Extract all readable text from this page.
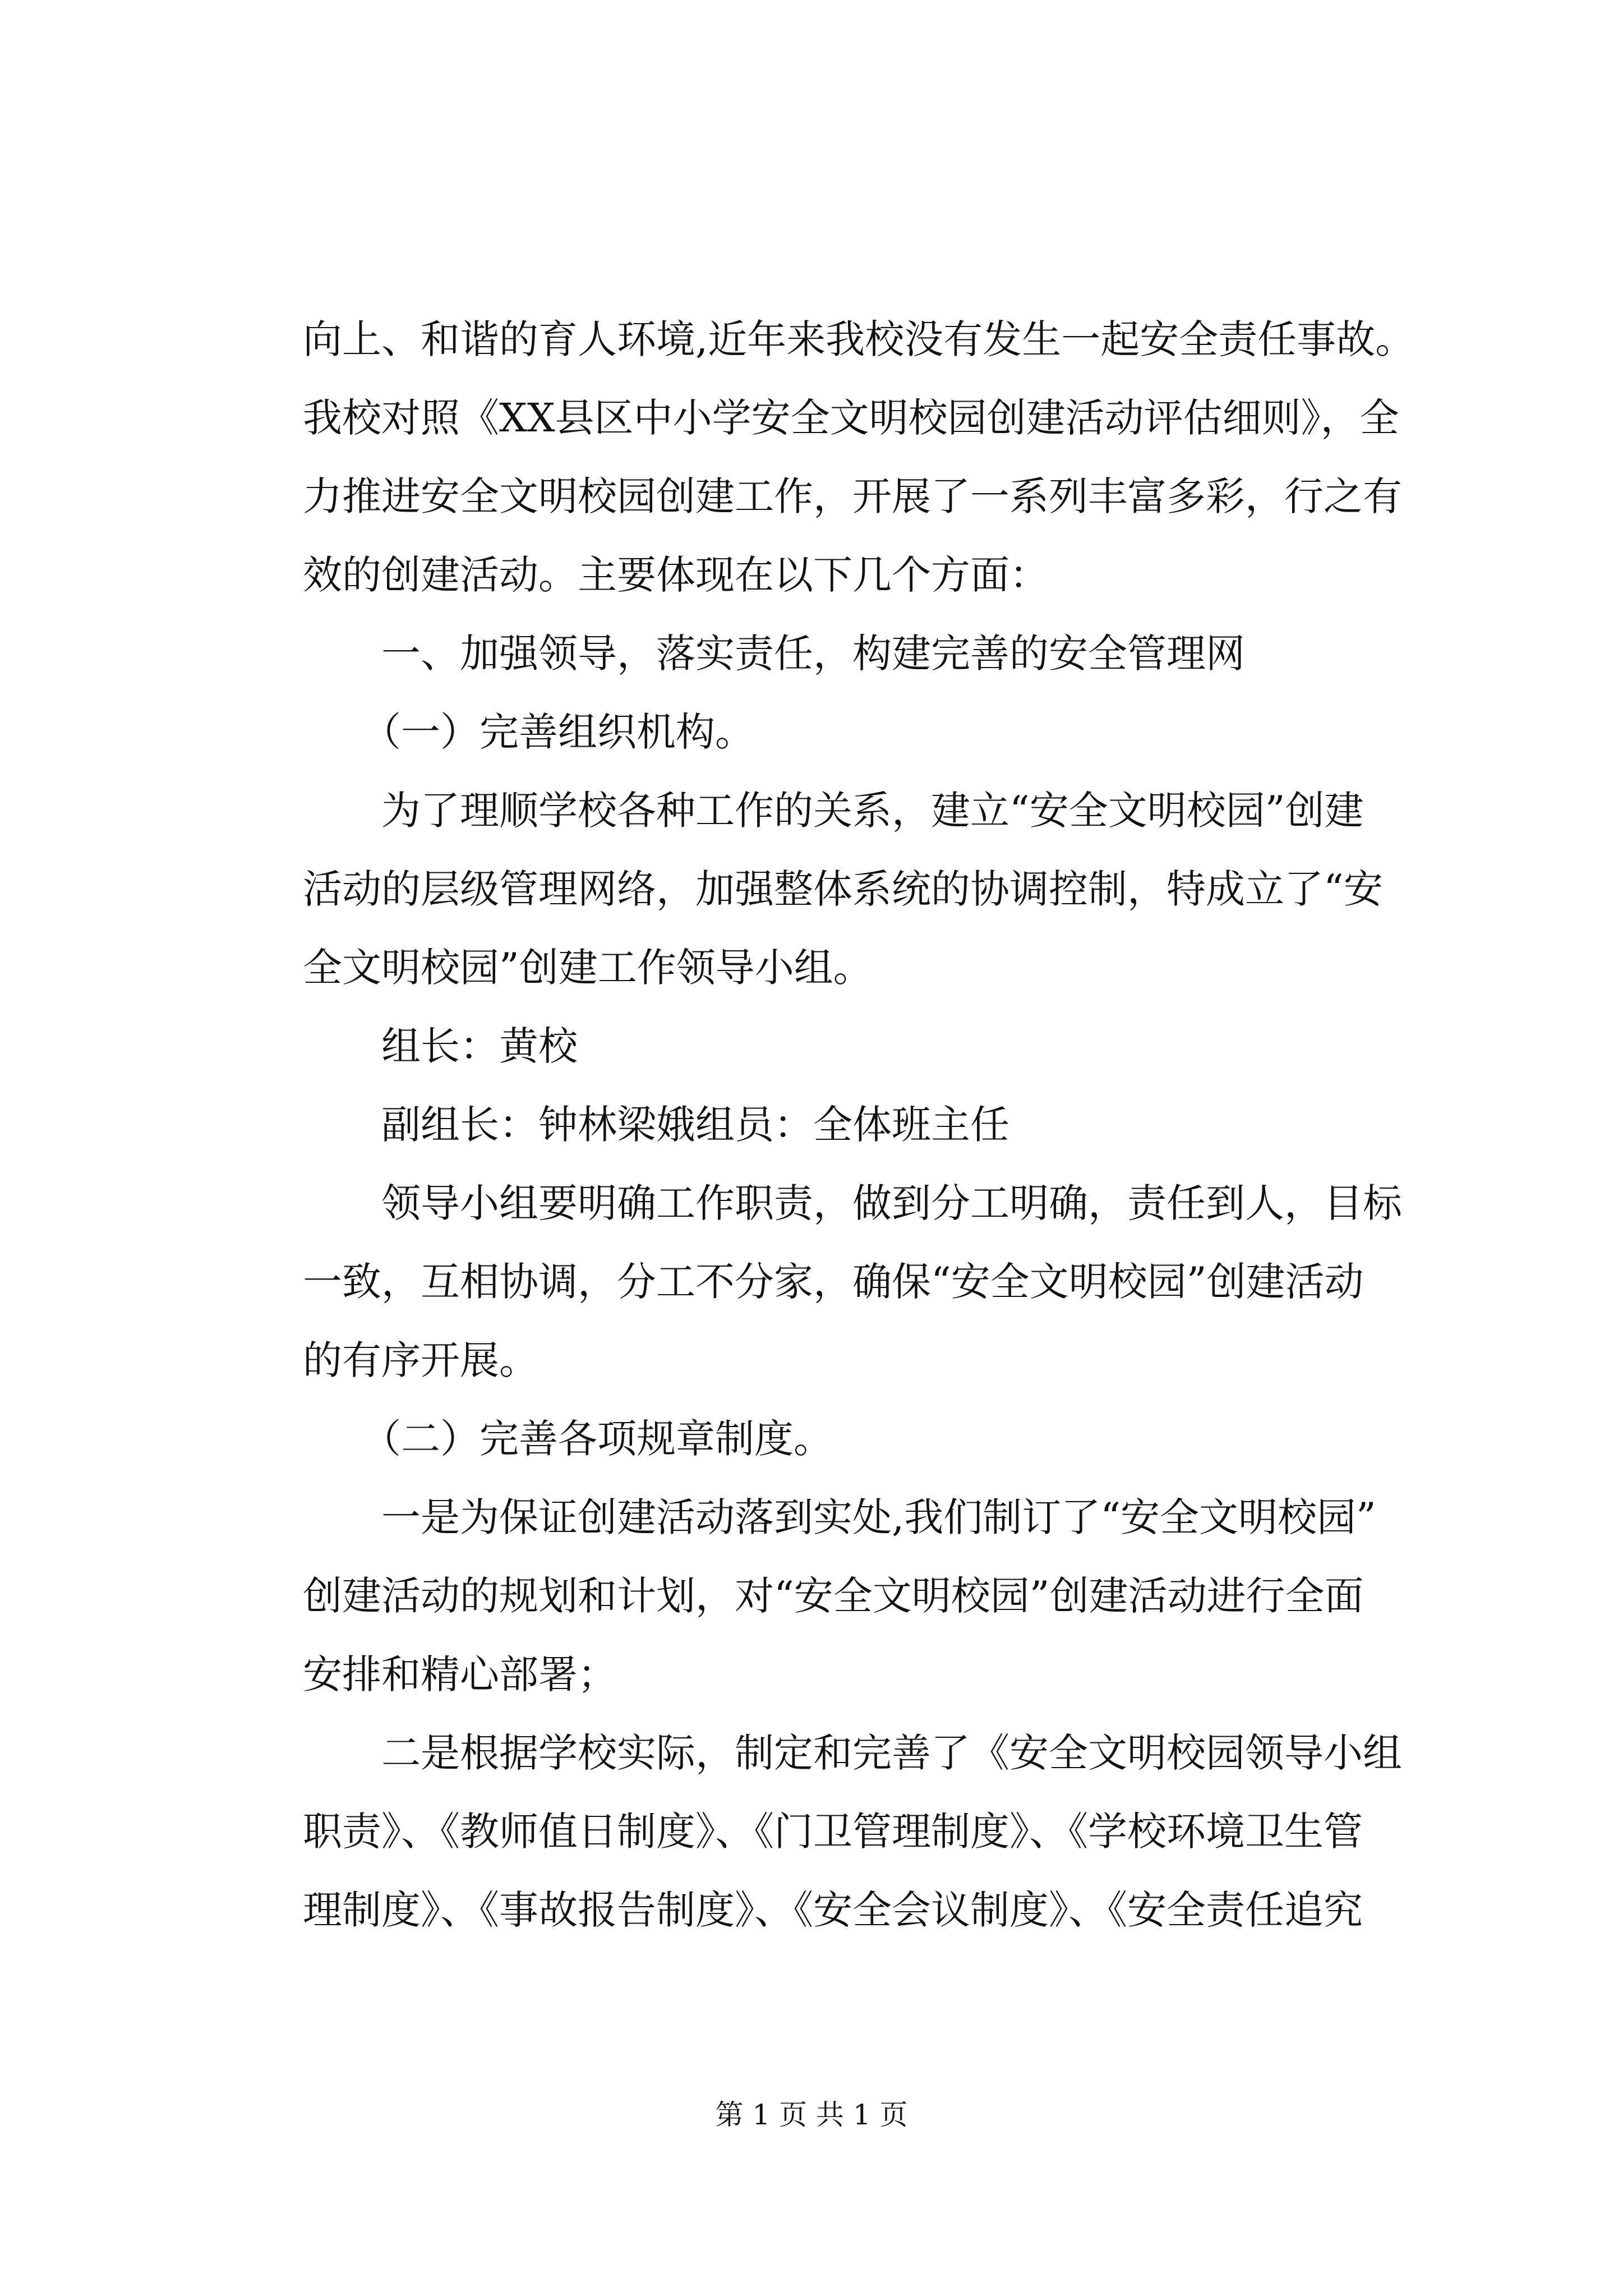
向上、和谐的育人环境,近年来我校没有发生一起安全责任事故。
我校对照《XX县区中小学安全文明校园创建活动评估细则》，全
力推进安全文明校园创建工作，开展了一系列丰富多彩，行之有
效的创建活动。主要体现在以下几个方面：
　　一、加强领导，落实责任，构建完善的安全管理网
　　（一）完善组织机构。
　　为了理顺学校各种工作的关系，建立“安全文明校园”创建
活动的层级管理网络，加强整体系统的协调控制，特成立了“安
全文明校园”创建工作领导小组。
　　组长：黄校
　　副组长：钟林梁娥组员：全体班主任
　　领导小组要明确工作职责，做到分工明确，责任到人，目标
一致，互相协调，分工不分家，确保“安全文明校园”创建活动
的有序开展。
　　（二）完善各项规章制度。
　　一是为保证创建活动落到实处,我们制订了“安全文明校园”
创建活动的规划和计划，对“安全文明校园”创建活动进行全面
安排和精心部署；
　　二是根据学校实际，制定和完善了《安全文明校园领导小组
职责》、《教师值日制度》、《门卫管理制度》、《学校环境卫生管
理制度》、《事故报告制度》、《安全会议制度》、《安全责任追究
第 1 页 共 1 页
